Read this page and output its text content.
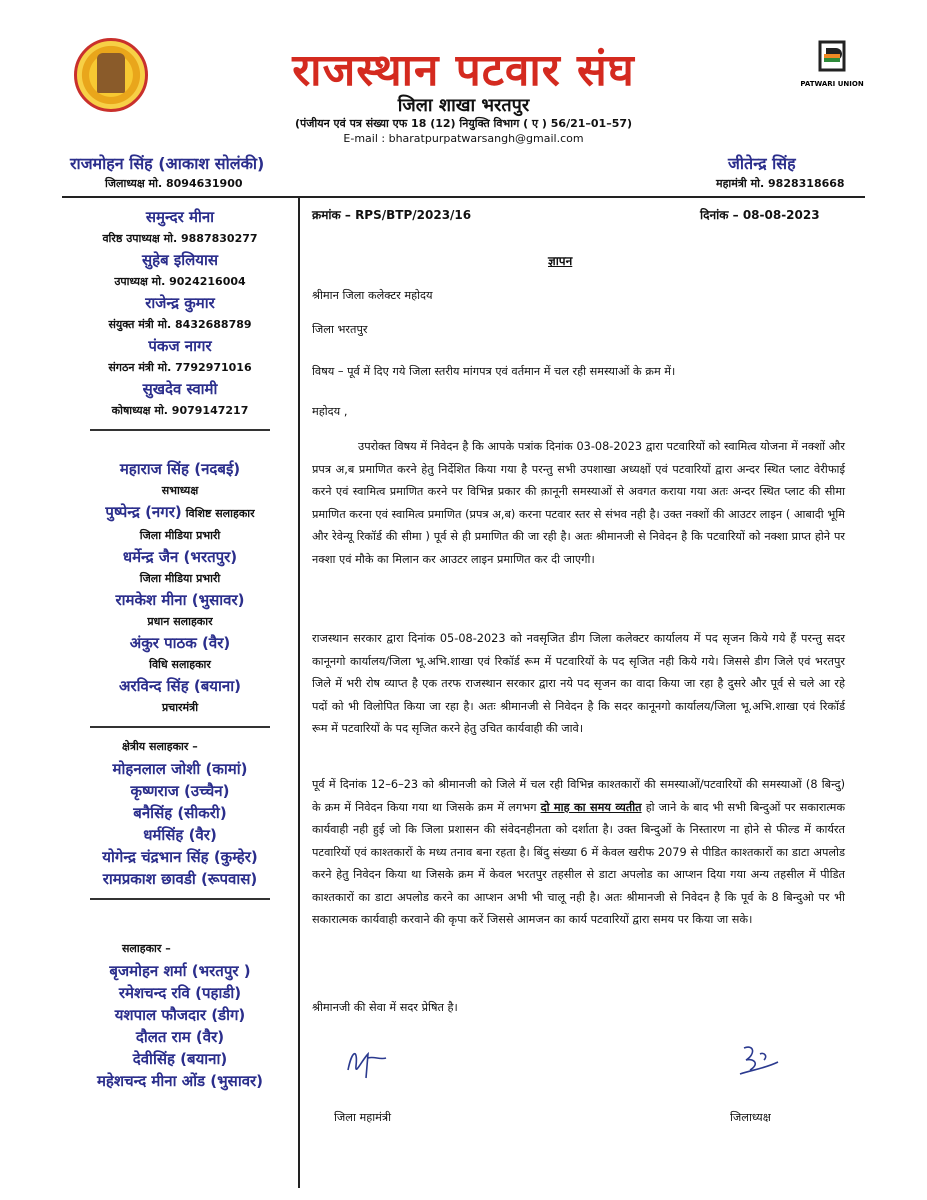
PATWARI UNION
राजस्थान पटवार संघ
जिला शाखा भरतपुर
(पंजीयन एवं पत्र संख्या एफ 18 (12) नियुक्ति विभाग ( ए ) 56/21–01–57)
E-mail : bharatpurpatwarsangh@gmail.com
राजमोहन सिंह (आकाश सोलंकी)
जिलाध्यक्ष मो. 8094631900
जीतेन्द्र सिंह
महामंत्री मो. 9828318668
समुन्दर मीना
वरिष्ठ उपाध्यक्ष मो. 9887830277
सुहेब इलियास
उपाध्यक्ष मो. 9024216004
राजेन्द्र कुमार
संयुक्त मंत्री मो. 8432688789
पंकज नागर
संगठन मंत्री मो. 7792971016
सुखदेव स्वामी
कोषाध्यक्ष मो. 9079147217
महाराज सिंह (नदबई)
सभाध्यक्ष
पुष्पेन्द्र (नगर) विशिष्ट सलाहकार
जिला मीडिया प्रभारी
धर्मेन्द्र जैन (भरतपुर)
जिला मीडिया प्रभारी
रामकेश मीना (भुसावर)
प्रधान सलाहकार
अंकुर पाठक (वैर)
विधि सलाहकार
अरविन्द सिंह (बयाना)
प्रचारमंत्री
क्षेत्रीय सलाहकार –
मोहनलाल जोशी (कामां)
कृष्णराज (उच्चैन)
बनैसिंह (सीकरी)
धर्मसिंह (वैर)
योगेन्द्र चंद्रभान सिंह (कुम्हेर)
रामप्रकाश छावडी (रूपवास)
सलाहकार –
बृजमोहन शर्मा (भरतपुर )
रमेशचन्द रवि (पहाडी)
यशपाल फौजदार (डीग)
दौलत राम (वैर)
देवीसिंह (बयाना)
महेशचन्द मीना ओंड (भुसावर)
क्रमांक – RPS/BTP/2023/16	दिनांक – 08-08-2023
ज्ञापन
श्रीमान जिला कलेक्टर महोदय
जिला भरतपुर
विषय – पूर्व में दिए गये जिला स्तरीय मांगपत्र एवं वर्तमान में चल रही समस्याओं के क्रम में।
महोदय ,
उपरोक्त विषय में निवेदन है कि आपके पत्रांक दिनांक 03-08-2023 द्वारा पटवारियों को स्वामित्व योजना में नक्शों और प्रपत्र अ,ब प्रमाणित करने हेतु निर्देशित किया गया है परन्तु सभी उपशाखा अध्यक्षों एवं पटवारियों द्वारा अन्दर स्थित प्लाट वेरीफाई करने एवं स्वामित्व प्रमाणित करने पर विभिन्न प्रकार की क़ानूनी समस्याओं से अवगत कराया गया अतः अन्दर स्थित प्लाट की सीमा प्रमाणित करना एवं स्वामित्व प्रमाणित (प्रपत्र अ,ब) करना पटवार स्तर से संभव नही है। उक्त नक्शों की आउटर लाइन ( आबादी भूमि और रेवेन्यू रिकॉर्ड की सीमा ) पूर्व से ही प्रमाणित की जा रही है। अतः श्रीमानजी से निवेदन है कि पटवारियों को नक्शा प्राप्त होने पर नक्शा एवं मौके का मिलान कर आउटर लाइन प्रमाणित कर दी जाएगी।
राजस्थान सरकार द्वारा दिनांक 05-08-2023 को नवसृजित डीग जिला कलेक्टर कार्यालय में पद सृजन किये गये हैं परन्तु सदर कानूनगो कार्यालय/जिला भू.अभि.शाखा एवं रिकॉर्ड रूम में पटवारियों के पद सृजित नही किये गये। जिससे डीग जिले एवं भरतपुर जिले में भरी रोष व्याप्त है एक तरफ राजस्थान सरकार द्वारा नये पद सृजन का वादा किया जा रहा है दुसरे और पूर्व से चले आ रहे पदों को भी विलोपित किया जा रहा है। अतः श्रीमानजी से निवेदन है कि सदर कानूनगो कार्यालय/जिला भू.अभि.शाखा एवं रिकॉर्ड रूम में पटवारियों के पद सृजित करने हेतु उचित कार्यवाही की जावे।
पूर्व में दिनांक 12–6–23 को श्रीमानजी को जिले में चल रही विभिन्न काश्तकारों की समस्याओं/पटवारियों की समस्याओं (8 बिन्दु) के क्रम में निवेदन किया गया था जिसके क्रम में लगभग दो माह का समय व्यतीत हो जाने के बाद भी सभी बिन्दुओं पर सकारात्मक कार्यवाही नही हुई जो कि जिला प्रशासन की संवेदनहीनता को दर्शाता है। उक्त बिन्दुओं के निस्तारण ना होने से फील्ड में कार्यरत पटवारियों एवं काश्तकारों के मध्य तनाव बना रहता है। बिंदु संख्या 6 में केवल खरीफ 2079 से पीडित काश्तकारों का डाटा अपलोड करने हेतु निवेदन किया था जिसके क्रम में केवल भरतपुर तहसील से डाटा अपलोड का आप्शन दिया गया अन्य तहसील में पीडित काश्तकारों का डाटा अपलोड करने का आप्शन अभी भी चालू नही है। अतः श्रीमानजी से निवेदन है कि पूर्व के 8 बिन्दुओ पर भी सकारात्मक कार्यवाही करवाने की कृपा करें जिससे आमजन का कार्य पटवारियों द्वारा समय पर किया जा सके।
श्रीमानजी की सेवा में सदर प्रेषित है।
जिला महामंत्री	जिलाध्यक्ष
